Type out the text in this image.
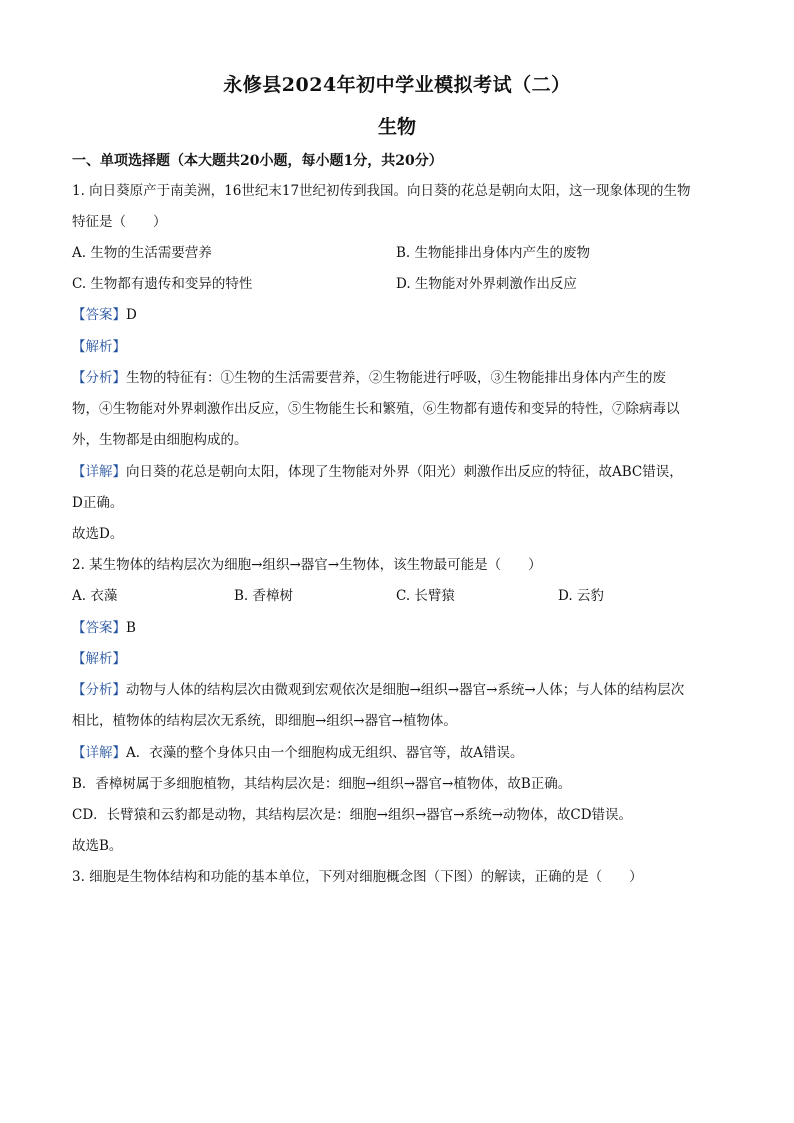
永修县2024年初中学业模拟考试（二）
生物
一、单项选择题（本大题共20小题，每小题1分，共20分）
1. 向日葵原产于南美洲，16世纪末17世纪初传到我国。向日葵的花总是朝向太阳，这一现象体现的生物
特征是（　　）
A. 生物的生活需要营养	B. 生物能排出身体内产生的废物
C. 生物都有遗传和变异的特性	D. 生物能对外界刺激作出反应
【答案】D
【解析】
【分析】生物的特征有：①生物的生活需要营养，②生物能进行呼吸，③生物能排出身体内产生的废
物，④生物能对外界刺激作出反应，⑤生物能生长和繁殖，⑥生物都有遗传和变异的特性，⑦除病毒以
外，生物都是由细胞构成的。
【详解】向日葵的花总是朝向太阳，体现了生物能对外界（阳光）刺激作出反应的特征，故ABC错误，
D正确。
故选D。
2. 某生物体的结构层次为细胞→组织→器官→生物体，该生物最可能是（　　）
A. 衣藻	B. 香樟树	C. 长臂猿	D. 云豹
【答案】B
【解析】
【分析】动物与人体的结构层次由微观到宏观依次是细胞→组织→器官→系统→人体；与人体的结构层次
相比，植物体的结构层次无系统，即细胞→组织→器官→植物体。
【详解】A．衣藻的整个身体只由一个细胞构成无组织、器官等，故A错误。
B．香樟树属于多细胞植物，其结构层次是：细胞→组织→器官→植物体，故B正确。
CD．长臂猿和云豹都是动物，其结构层次是：细胞→组织→器官→系统→动物体，故CD错误。
故选B。
3. 细胞是生物体结构和功能的基本单位，下列对细胞概念图（下图）的解读，正确的是（　　）
